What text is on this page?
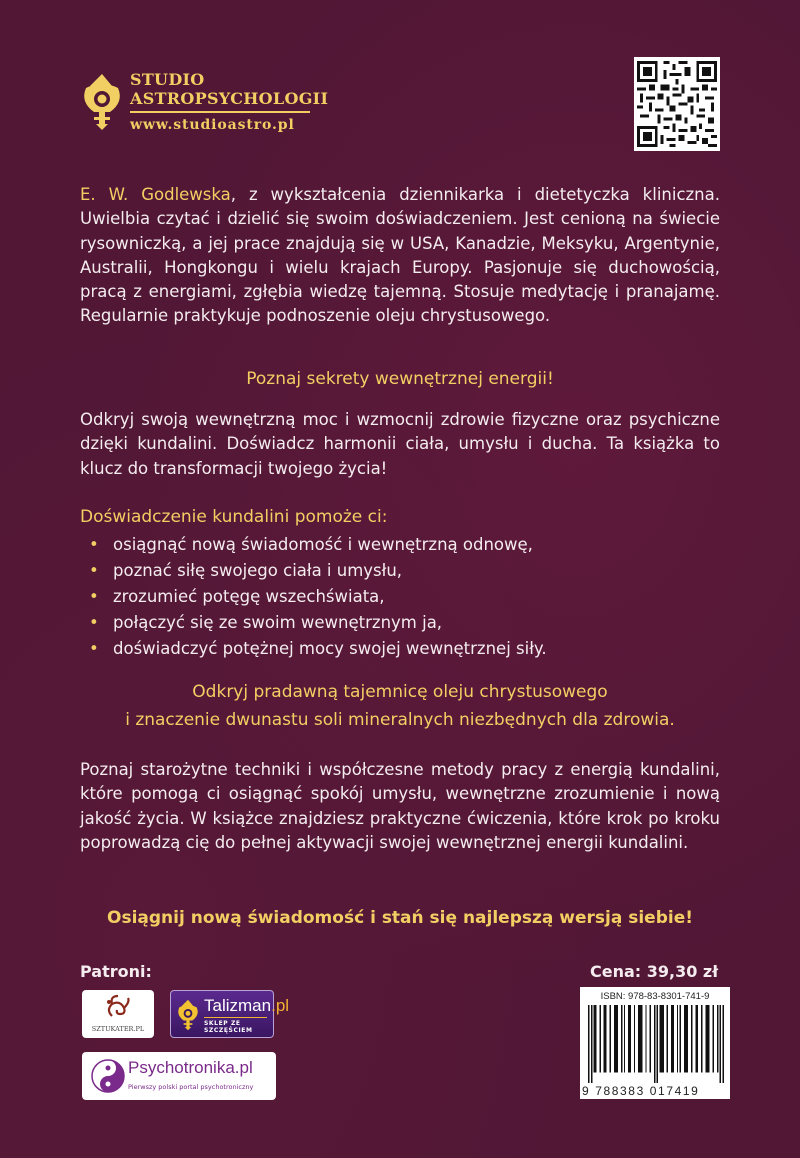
STUDIO
ASTROPSYCHOLOGII
www.studioastro.pl

E. W. Godlewska, z wykształcenia dziennikarka i dietetyczka kliniczna. Uwielbia czytać i dzielić się swoim doświadczeniem. Jest cenioną na świecie rysowniczką, a jej prace znajdują się w USA, Kanadzie, Meksyku, Argentynie, Australii, Hongkongu i wielu krajach Europy. Pasjonuje się duchowością, pracą z energiami, zgłębia wiedzę tajemną. Stosuje medytację i pranajamę. Regularnie praktykuje podnoszenie oleju chrystusowego.

Poznaj sekrety wewnętrznej energii!

Odkryj swoją wewnętrzną moc i wzmocnij zdrowie fizyczne oraz psychiczne dzięki kundalini. Doświadcz harmonii ciała, umysłu i ducha. Ta książka to klucz do transformacji twojego życia!

Doświadczenie kundalini pomoże ci:
• osiągnąć nową świadomość i wewnętrzną odnowę,
• poznać siłę swojego ciała i umysłu,
• zrozumieć potęgę wszechświata,
• połączyć się ze swoim wewnętrznym ja,
• doświadczyć potężnej mocy swojej wewnętrznej siły.
Odkryj pradawną tajemnicę oleju chrystusowego
i znaczenie dwunastu soli mineralnych niezbędnych dla zdrowia.

Poznaj starożytne techniki i współczesne metody pracy z energią kundalini, które pomogą ci osiągnąć spokój umysłu, wewnętrzne zrozumienie i nową jakość życia. W książce znajdziesz praktyczne ćwiczenia, które krok po kroku poprowadzą cię do pełnej aktywacji swojej wewnętrznej energii kundalini.

Osiągnij nową świadomość i stań się najlepszą wersją siebie!
Patroni:
SZTUKATER.PL
Talizman.pl
SKLEP ZE SZCZĘŚCIEM
Psychotronika.pl
Pierwszy polski portal psychotroniczny
Cena: 39,30 zł
ISBN: 978-83-8301-741-9
9 788383 017419
